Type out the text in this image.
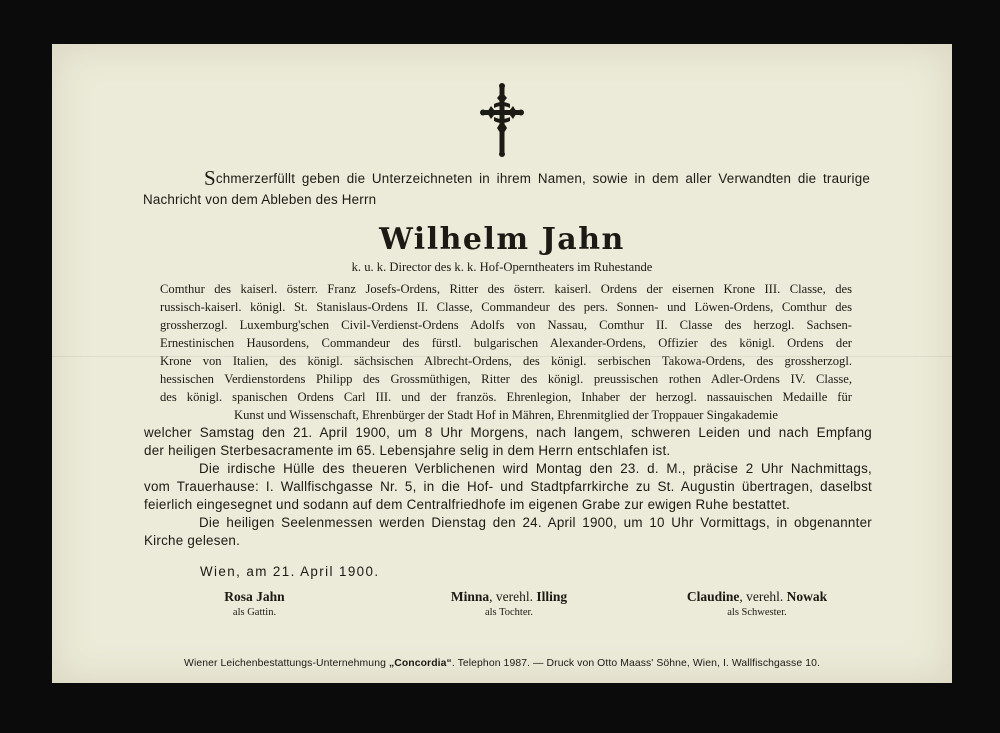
Schmerzerfüllt geben die Unterzeichneten in ihrem Namen, sowie in dem aller Verwandten die traurige

Nachricht von dem Ableben des Herrn

Wilhelm Jahn
k. u. k. Director des k. k. Hof-Operntheaters im Ruhestande
Comthur des kaiserl. österr. Franz Josefs-Ordens, Ritter des österr. kaiserl. Ordens der eisernen Krone III. Classe, des
russisch-kaiserl. königl. St. Stanislaus-Ordens II. Classe, Commandeur des pers. Sonnen- und Löwen-Ordens, Comthur des
grossherzogl. Luxemburg'schen Civil-Verdienst-Ordens Adolfs von Nassau, Comthur II. Classe des herzogl. Sachsen-
Ernestinischen Hausordens, Commandeur des fürstl. bulgarischen Alexander-Ordens, Offizier des königl. Ordens der
Krone von Italien, des königl. sächsischen Albrecht-Ordens, des königl. serbischen Takowa-Ordens, des grossherzogl.
hessischen Verdienstordens Philipp des Grossmüthigen, Ritter des königl. preussischen rothen Adler-Ordens IV. Classe,
des königl. spanischen Ordens Carl III. und der französ. Ehrenlegion, Inhaber der herzogl. nassauischen Medaille für
Kunst und Wissenschaft, Ehrenbürger der Stadt Hof in Mähren, Ehrenmitglied der Troppauer Singakademie
welcher Samstag den 21. April 1900, um 8 Uhr Morgens, nach langem, schweren Leiden und nach Empfang
der heiligen Sterbesacramente im 65. Lebensjahre selig in dem Herrn entschlafen ist.
Die irdische Hülle des theueren Verblichenen wird Montag den 23. d. M., präcise 2 Uhr Nachmittags,
vom Trauerhause: I. Wallfischgasse Nr. 5, in die Hof- und Stadtpfarrkirche zu St. Augustin übertragen, daselbst
feierlich eingesegnet und sodann auf dem Centralfriedhofe im eigenen Grabe zur ewigen Ruhe bestattet.
Die heiligen Seelenmessen werden Dienstag den 24. April 1900, um 10 Uhr Vormittags, in obgenannter
Kirche gelesen.
Wien, am 21. April 1900.
Rosa Jahn
als Gattin.
Minna, verehl. Illing
als Tochter.
Claudine, verehl. Nowak
als Schwester.
Wiener Leichenbestattungs-Unternehmung „Concordia“. Telephon 1987. — Druck von Otto Maass' Söhne, Wien, I. Wallfischgasse 10.
